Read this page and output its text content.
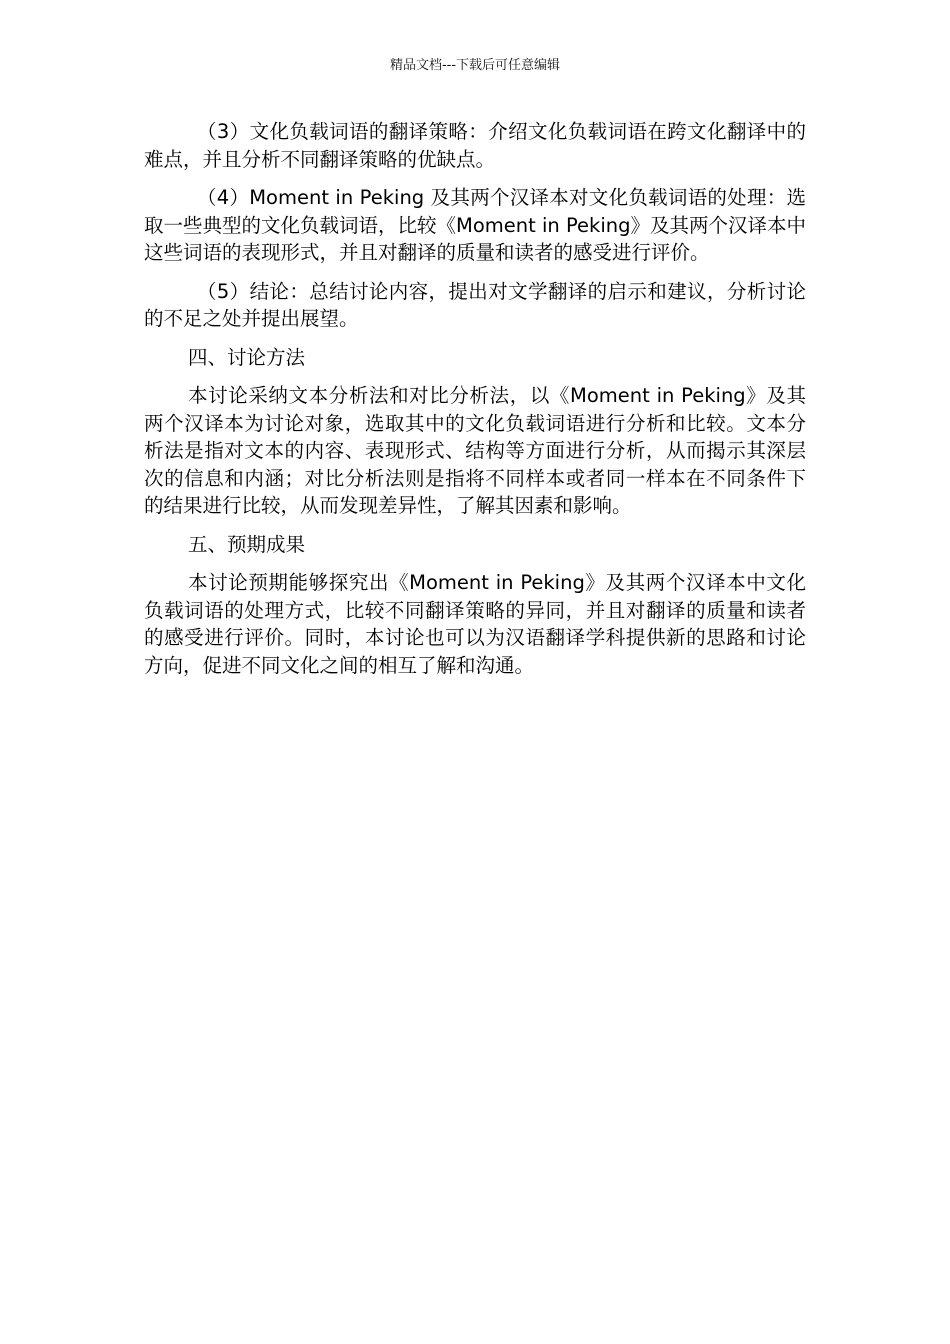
精品文档---下载后可任意编辑

（3）文化负载词语的翻译策略：介绍文化负载词语在跨文化翻译中的难点，并且分析不同翻译策略的优缺点。

（4）Moment in Peking 及其两个汉译本对文化负载词语的处理：选取一些典型的文化负载词语，比较《Moment in Peking》及其两个汉译本中这些词语的表现形式，并且对翻译的质量和读者的感受进行评价。

（5）结论：总结讨论内容，提出对文学翻译的启示和建议，分析讨论的不足之处并提出展望。

四、讨论方法

本讨论采纳文本分析法和对比分析法，以《Moment in Peking》及其两个汉译本为讨论对象，选取其中的文化负载词语进行分析和比较。文本分析法是指对文本的内容、表现形式、结构等方面进行分析，从而揭示其深层次的信息和内涵；对比分析法则是指将不同样本或者同一样本在不同条件下的结果进行比较，从而发现差异性，了解其因素和影响。

五、预期成果

本讨论预期能够探究出《Moment in Peking》及其两个汉译本中文化负载词语的处理方式，比较不同翻译策略的异同，并且对翻译的质量和读者的感受进行评价。同时，本讨论也可以为汉语翻译学科提供新的思路和讨论方向，促进不同文化之间的相互了解和沟通。
